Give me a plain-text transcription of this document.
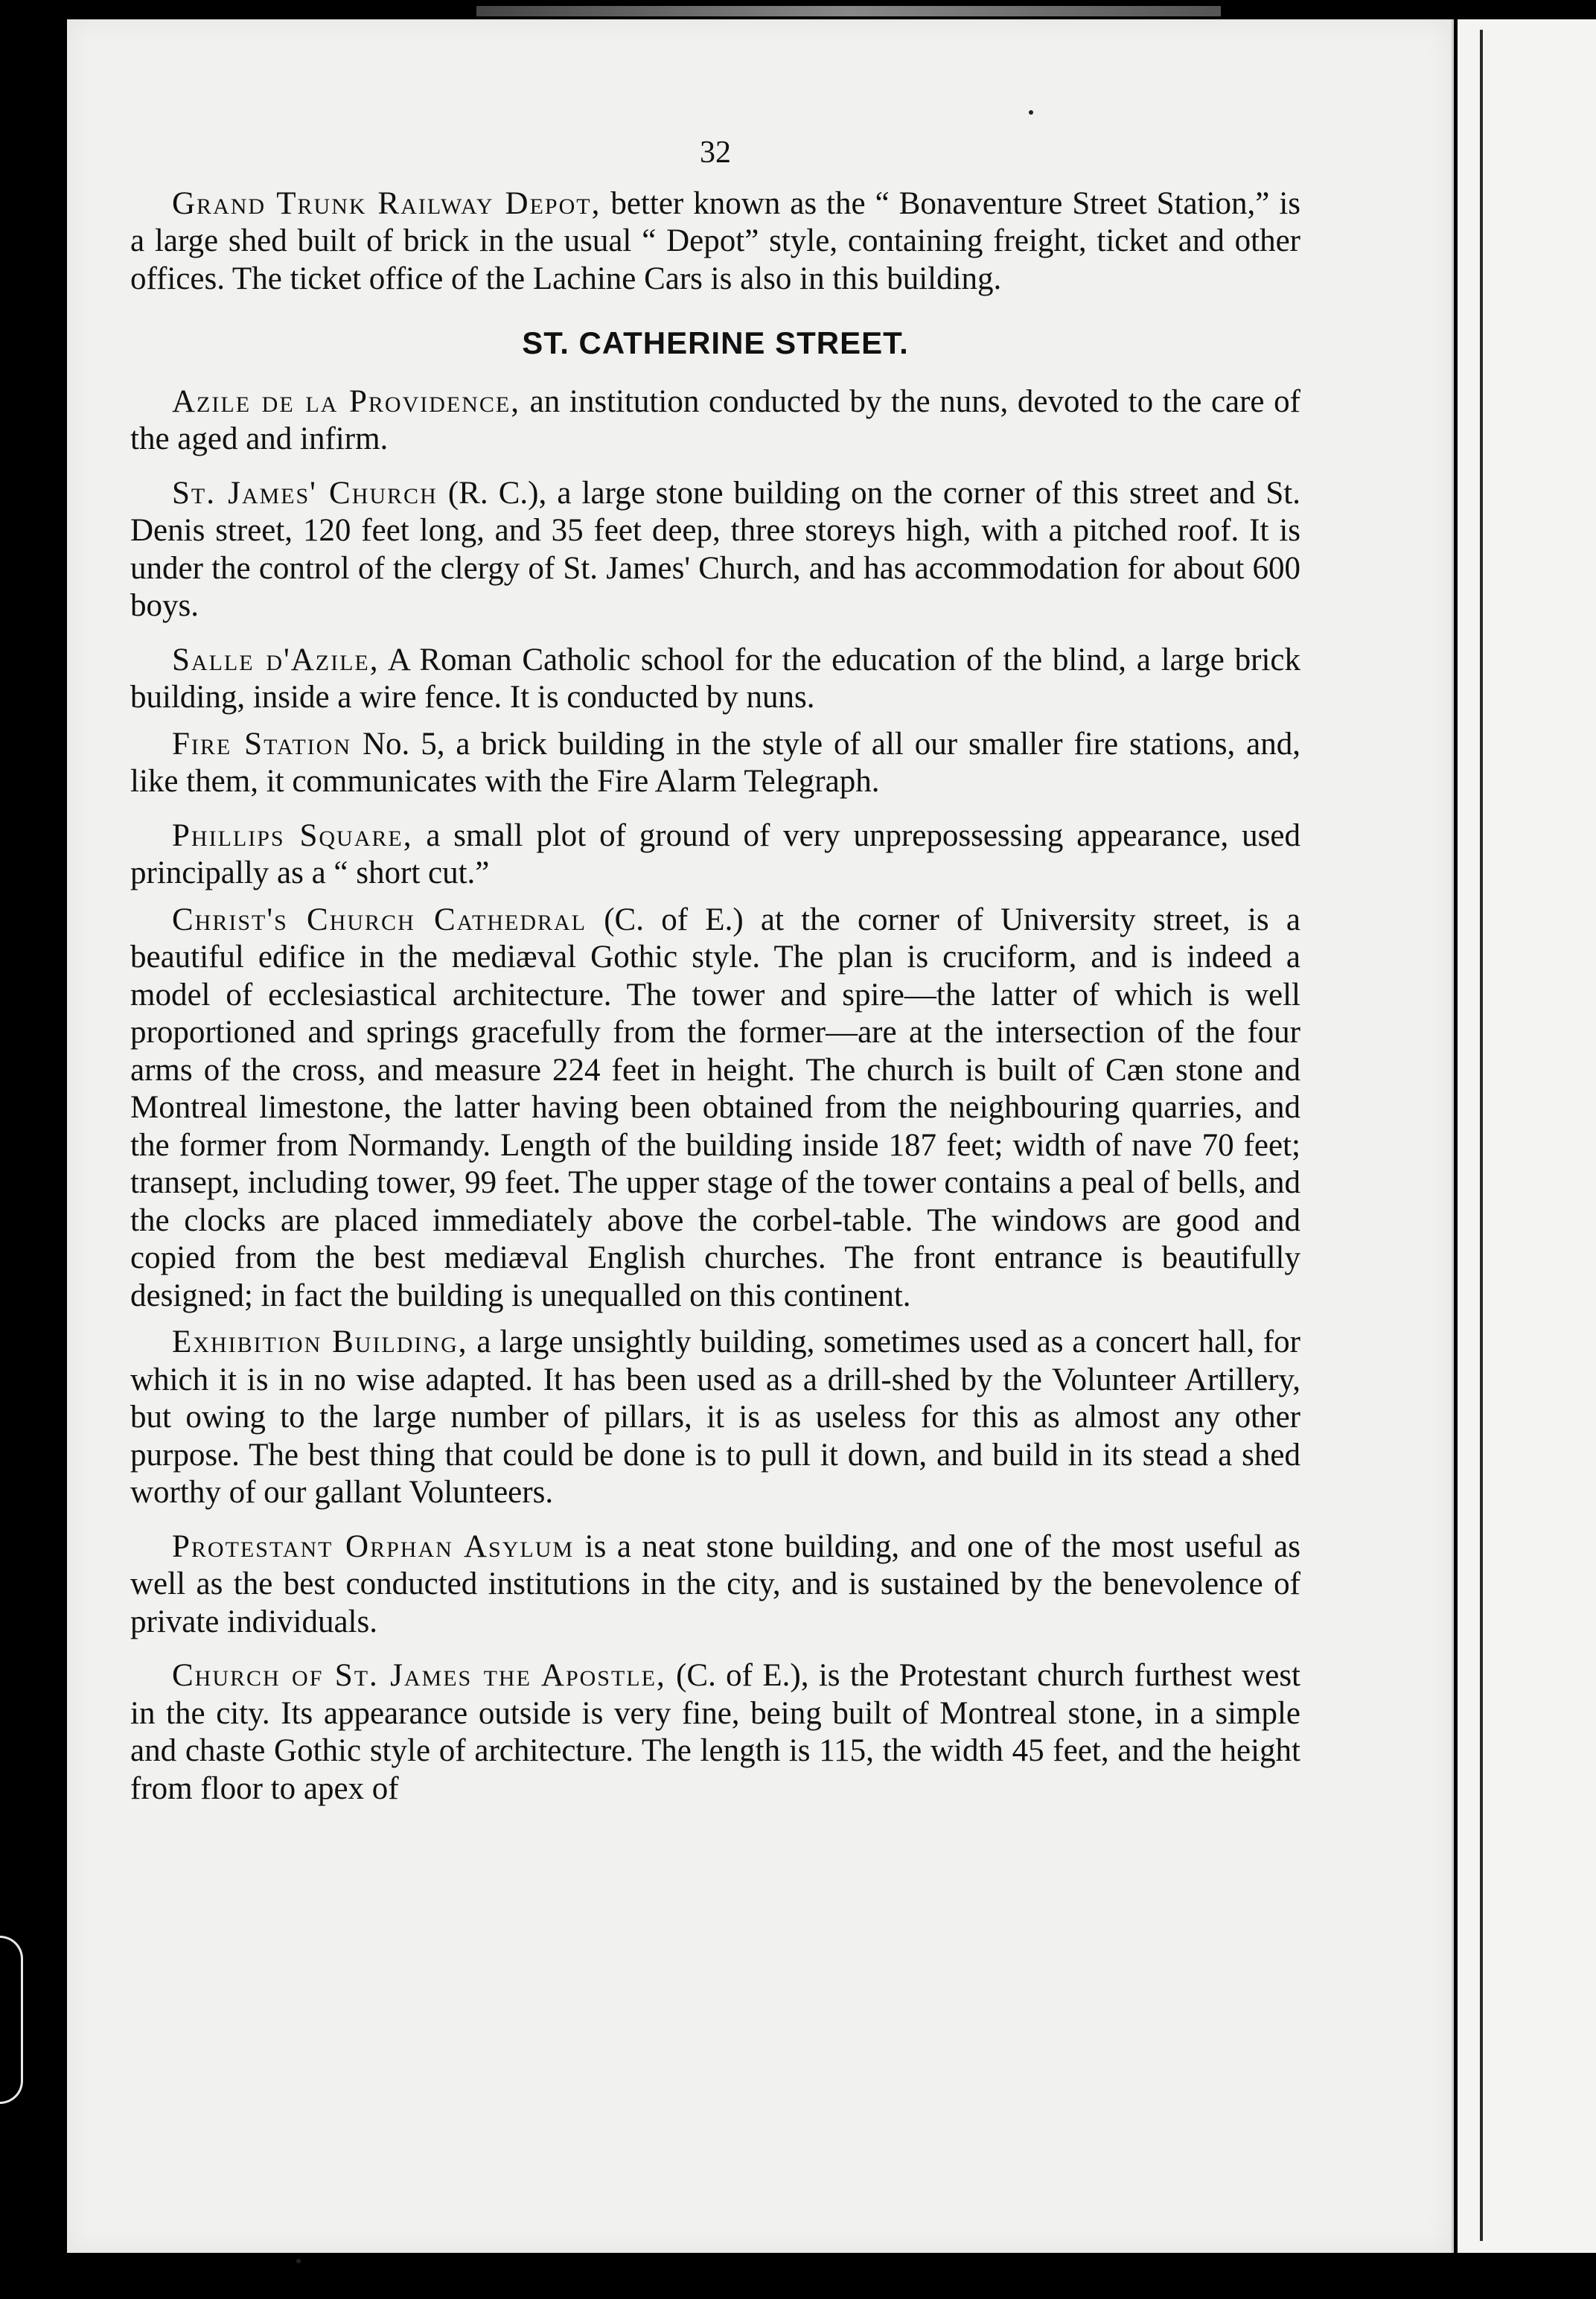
32

Grand Trunk Railway Depot, better known as the “ Bonaventure Street Station,” is a large shed built of brick in the usual “ Depot” style, containing freight, ticket and other offices. The ticket office of the Lachine Cars is also in this building.

ST. CATHERINE STREET.

Azile de la Providence, an institution conducted by the nuns, devoted to the care of the aged and infirm.

St. James' Church (R. C.), a large stone building on the corner of this street and St. Denis street, 120 feet long, and 35 feet deep, three storeys high, with a pitched roof. It is under the control of the clergy of St. James' Church, and has accommodation for about 600 boys.

Salle d'Azile, A Roman Catholic school for the education of the blind, a large brick building, inside a wire fence. It is conducted by nuns.

Fire Station No. 5, a brick building in the style of all our smaller fire stations, and, like them, it communicates with the Fire Alarm Telegraph.

Phillips Square, a small plot of ground of very unprepossessing appearance, used principally as a “ short cut.”

Christ's Church Cathedral (C. of E.) at the corner of University street, is a beautiful edifice in the mediæval Gothic style. The plan is cruciform, and is indeed a model of ecclesiastical architecture. The tower and spire—the latter of which is well proportioned and springs gracefully from the former—are at the intersection of the four arms of the cross, and measure 224 feet in height. The church is built of Cæn stone and Montreal limestone, the latter having been obtained from the neighbouring quarries, and the former from Normandy. Length of the building inside 187 feet; width of nave 70 feet; transept, including tower, 99 feet. The upper stage of the tower contains a peal of bells, and the clocks are placed immediately above the corbel-table. The windows are good and copied from the best mediæval English churches. The front entrance is beautifully designed; in fact the building is unequalled on this continent.

Exhibition Building, a large unsightly building, sometimes used as a concert hall, for which it is in no wise adapted. It has been used as a drill-shed by the Volunteer Artillery, but owing to the large number of pillars, it is as useless for this as almost any other purpose. The best thing that could be done is to pull it down, and build in its stead a shed worthy of our gallant Volunteers.

Protestant Orphan Asylum is a neat stone building, and one of the most useful as well as the best conducted institutions in the city, and is sustained by the benevolence of private individuals.

Church of St. James the Apostle, (C. of E.), is the Protestant church furthest west in the city. Its appearance outside is very fine, being built of Montreal stone, in a simple and chaste Gothic style of architecture. The length is 115, the width 45 feet, and the height from floor to apex of
